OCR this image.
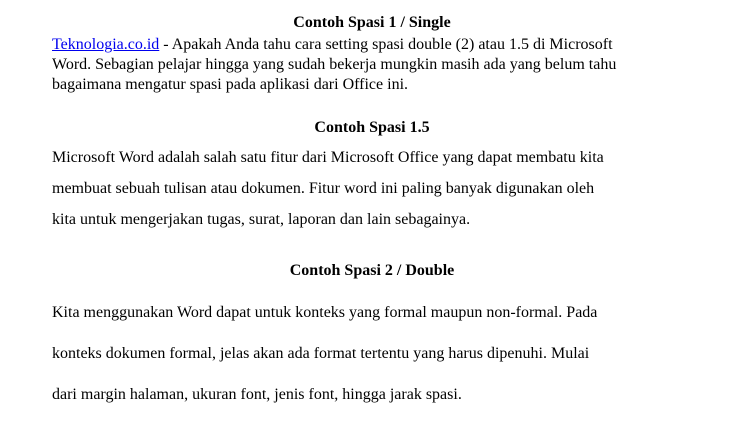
Contoh Spasi 1 / Single
Teknologia.co.id - Apakah Anda tahu cara setting spasi double (2) atau 1.5 di Microsoft
Word. Sebagian pelajar hingga yang sudah bekerja mungkin masih ada yang belum tahu
bagaimana mengatur spasi pada aplikasi dari Office ini.
Contoh Spasi 1.5
Microsoft Word adalah salah satu fitur dari Microsoft Office yang dapat membatu kita
membuat sebuah tulisan atau dokumen. Fitur word ini paling banyak digunakan oleh
kita untuk mengerjakan tugas, surat, laporan dan lain sebagainya.
Contoh Spasi 2 / Double
Kita menggunakan Word dapat untuk konteks yang formal maupun non-formal. Pada
konteks dokumen formal, jelas akan ada format tertentu yang harus dipenuhi. Mulai
dari margin halaman, ukuran font, jenis font, hingga jarak spasi.
